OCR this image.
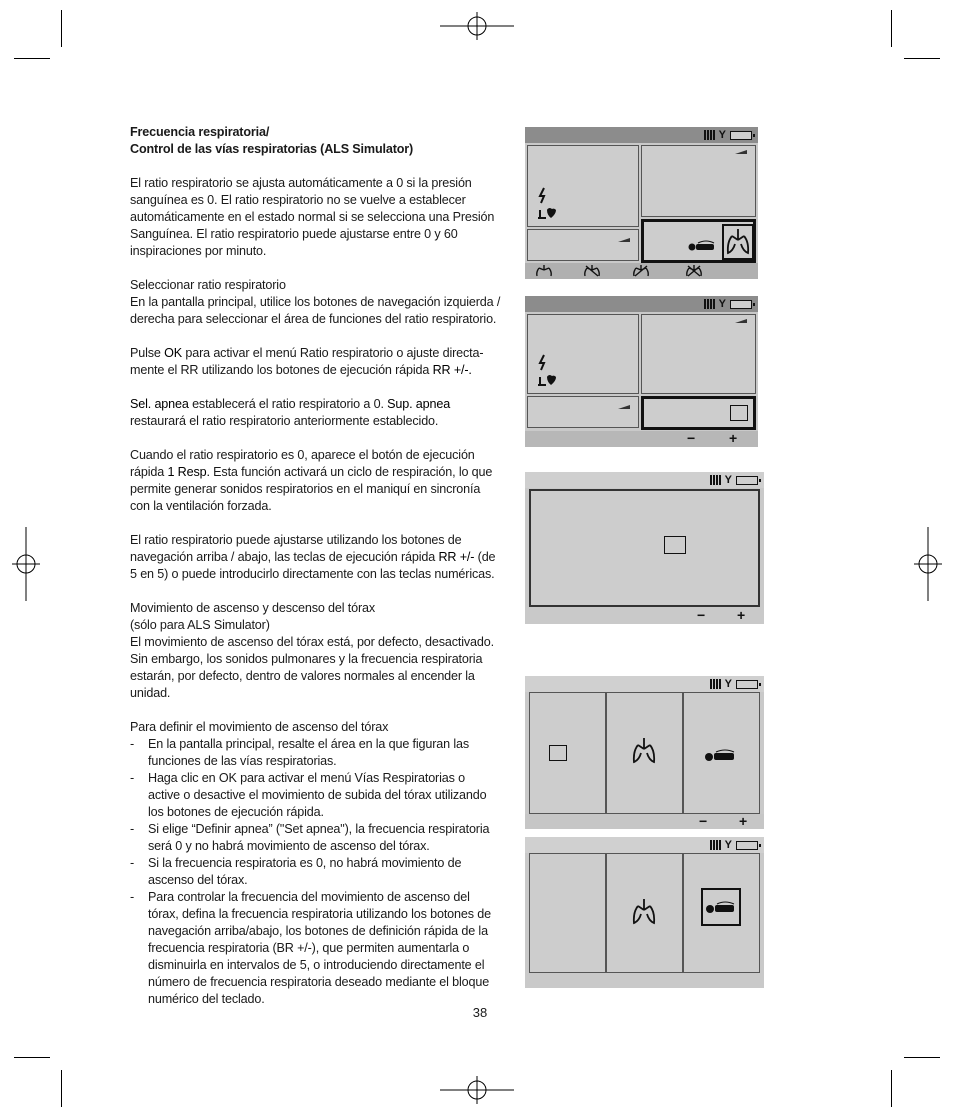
Frecuencia respiratoria/

Control de las vías respiratorias (ALS Simulator)

El ratio respiratorio se ajusta automáticamente a 0 si la presión

sanguínea es 0. El ratio respiratorio no se vuelve a establecer

automáticamente en el estado normal si se selecciona una Presión

Sanguínea. El ratio respiratorio puede ajustarse entre 0 y 60

inspiraciones por minuto.

Seleccionar ratio respiratorio

En la pantalla principal, utilice los botones de navegación izquierda /

derecha para seleccionar el área de funciones del ratio respiratorio.

Pulse OK para activar el menú Ratio respiratorio o ajuste directa-

mente el RR utilizando los botones de ejecución rápida RR +/-.

Sel. apnea establecerá el ratio respiratorio a 0. Sup. apnea

restaurará el ratio respiratorio anteriormente establecido.

Cuando el ratio respiratorio es 0, aparece el botón de ejecución

rápida 1 Resp. Esta función activará un ciclo de respiración, lo que

permite generar sonidos respiratorios en el maniquí en sincronía

con la ventilación forzada.

El ratio respiratorio puede ajustarse utilizando los botones de

navegación arriba / abajo, las teclas de ejecución rápida RR +/- (de

5 en 5) o puede introducirlo directamente con las teclas numéricas.

Movimiento de ascenso y descenso del tórax

(sólo para ALS Simulator)

El movimiento de ascenso del tórax está, por defecto, desactivado.

Sin embargo, los sonidos pulmonares y la frecuencia respiratoria

estarán, por defecto, dentro de valores normales al encender la

unidad.

Para definir el movimiento de ascenso del tórax

- En la pantalla principal, resalte el área en la que figuran las
funciones de las vías respiratorias.
- Haga clic en OK para activar el menú Vías Respiratorias o
active o desactive el movimiento de subida del tórax utilizando
los botones de ejecución rápida.
- Si elige “Definir apnea” ("Set apnea"), la frecuencia respiratoria
será 0 y no habrá movimiento de ascenso del tórax.
- Si la frecuencia respiratoria es 0, no habrá movimiento de
ascenso del tórax.
- Para controlar la frecuencia del movimiento de ascenso del
tórax, defina la frecuencia respiratoria utilizando los botones de
navegación arriba/abajo, los botones de definición rápida de la
frecuencia respiratoria (BR +/-), que permiten aumentarla o
disminuirla en intervalos de 5, o introduciendo directamente el
número de frecuencia respiratoria deseado mediante el bloque
numérico del teclado.
38
Y
Y
− +
Y
− +
Y
− +
Y
